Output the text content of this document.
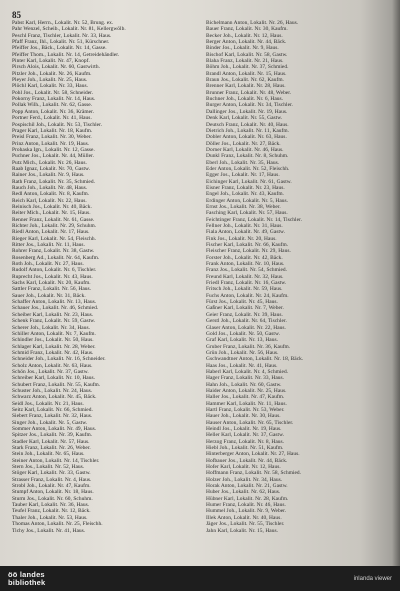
85
Pabst Karl, Herrn., Lokalit. Nr. 52, Brung. ex.
Pahr Wenzel, Scheib., Lokalit. Nr. 81, Kellergwölb.
Peschl Franz, Tischler, Lokalit. Nr. 33, Haus.
Pfaff Franz, Ihl., Lokalit. Nr. 51, Kürschner.
Pfeiffer Jos., Bäck., Lokalit. Nr. 14, Gasse.
Pfeiffer Thom., Lokalit. Nr. 14, Getreidehändler.
Pinter Karl, Lokalit. Nr. 47, Knopf.
Pirsch Alois, Lokalit. Nr. 60, Gastwirth.
Pitzler Joh., Lokalit. Nr. 26, Kaufm.
Pleyer Joh., Lokalit. Nr. 25, Haus.
Plöchl Karl, Lokalit. Nr. 33, Haus.
Pohl Jos., Lokalit. Nr. 58, Schneider.
Pokorny Franz, Lokalit. Nr. 14, Haus.
Pollak Wilh., Lokalit. Nr. 62, Gasse.
Popp Anton, Lokalit. Nr. 36, Krämer.
Portner Ferd., Lokalit. Nr. 41, Haus.
Pospischil Joh., Lokalit. Nr. 53, Tischler.
Prager Karl, Lokalit. Nr. 18, Kaufm.
Preisl Franz, Lokalit. Nr. 30, Weber.
Prinz Anton, Lokalit. Nr. 19, Haus.
Prohaska Ign., Lokalit. Nr. 12, Gasse.
Puchner Jos., Lokalit. Nr. 44, Müller.
Putz Mich., Lokalit. Nr. 26, Haus.
Raab Ignaz, Lokalit. Nr. 70, Gastw.
Rainer Jos., Lokalit. Nr. 9, Haus.
Rath Franz, Lokalit. Nr. 35, Schmied.
Rauch Joh., Lokalit. Nr. 48, Haus.
Redl Anton, Lokalit. Nr. 8, Kaufm.
Reich Karl, Lokalit. Nr. 22, Haus.
Reinisch Jos., Lokalit. Nr. 40, Bäck.
Reiter Mich., Lokalit. Nr. 15, Haus.
Renner Franz, Lokalit. Nr. 61, Gasse.
Richter Joh., Lokalit. Nr. 29, Schuhm.
Riedl Anton, Lokalit. Nr. 17, Haus.
Rieger Karl, Lokalit. Nr. 54, Fleischh.
Ritter Jos., Lokalit. Nr. 11, Haus.
Rohrer Franz, Lokalit. Nr. 38, Gastw.
Rosenberg Ad., Lokalit. Nr. 64, Kaufm.
Roth Joh., Lokalit. Nr. 27, Haus.
Rudolf Anton, Lokalit. Nr. 6, Tischler.
Ruprecht Jos., Lokalit. Nr. 43, Haus.
Sachs Karl, Lokalit. Nr. 20, Kaufm.
Sattler Franz, Lokalit. Nr. 56, Haus.
Sauer Joh., Lokalit. Nr. 31, Bäck.
Schaffer Anton, Lokalit. Nr. 13, Haus.
Schauer Jos., Lokalit. Nr. 46, Schmied.
Scheiber Karl, Lokalit. Nr. 23, Haus.
Schenk Franz, Lokalit. Nr. 59, Gastw.
Scherer Joh., Lokalit. Nr. 34, Haus.
Schiller Anton, Lokalit. Nr. 7, Kaufm.
Schindler Jos., Lokalit. Nr. 50, Haus.
Schlager Karl, Lokalit. Nr. 28, Weber.
Schmid Franz, Lokalit. Nr. 42, Haus.
Schneider Joh., Lokalit. Nr. 16, Schneider.
Scholz Anton, Lokalit. Nr. 63, Haus.
Schön Jos., Lokalit. Nr. 37, Gastw.
Schreiber Karl, Lokalit. Nr. 10, Haus.
Schubert Franz, Lokalit. Nr. 55, Kaufm.
Schuster Joh., Lokalit. Nr. 24, Haus.
Schwarz Anton, Lokalit. Nr. 45, Bäck.
Seidl Jos., Lokalit. Nr. 21, Haus.
Seitz Karl, Lokalit. Nr. 66, Schmied.
Siebert Franz, Lokalit. Nr. 32, Haus.
Singer Joh., Lokalit. Nr. 5, Gastw.
Sommer Anton, Lokalit. Nr. 49, Haus.
Spitzer Jos., Lokalit. Nr. 39, Kaufm.
Stadler Karl, Lokalit. Nr. 57, Haus.
Stark Franz, Lokalit. Nr. 26, Weber.
Stein Joh., Lokalit. Nr. 65, Haus.
Steiner Anton, Lokalit. Nr. 14, Tischler.
Stern Jos., Lokalit. Nr. 52, Haus.
Stöger Karl, Lokalit. Nr. 33, Gastw.
Strasser Franz, Lokalit. Nr. 4, Haus.
Strobl Joh., Lokalit. Nr. 47, Kaufm.
Stumpf Anton, Lokalit. Nr. 18, Haus.
Sturm Jos., Lokalit. Nr. 60, Schuhm.
Tauber Karl, Lokalit. Nr. 36, Haus.
Teufel Franz, Lokalit. Nr. 12, Bäck.
Thaler Joh., Lokalit. Nr. 53, Haus.
Thomas Anton, Lokalit. Nr. 25, Fleischh.
Tichy Jos., Lokalit. Nr. 41, Haus.
Bichelmann Anton, Lokalit. Nr. 26, Haus.
Bauer Franz, Lokalit. Nr. 30, Kaufm.
Becker Joh., Lokalit. Nr. 12, Haus.
Berger Anton, Lokalit. Nr. 44, Bäck.
Binder Jos., Lokalit. Nr. 9, Haus.
Bischof Karl, Lokalit. Nr. 58, Gastw.
Blaha Franz, Lokalit. Nr. 21, Haus.
Böhm Joh., Lokalit. Nr. 37, Schmied.
Brandl Anton, Lokalit. Nr. 15, Haus.
Braun Jos., Lokalit. Nr. 62, Kaufm.
Brenner Karl, Lokalit. Nr. 28, Haus.
Brunner Franz, Lokalit. Nr. 48, Weber.
Buchner Joh., Lokalit. Nr. 6, Haus.
Burger Anton, Lokalit. Nr. 34, Tischler.
Dallinger Jos., Lokalit. Nr. 19, Haus.
Denk Karl, Lokalit. Nr. 55, Gastw.
Deutsch Franz, Lokalit. Nr. 40, Haus.
Dietrich Joh., Lokalit. Nr. 11, Kaufm.
Dobler Anton, Lokalit. Nr. 63, Haus.
Döller Jos., Lokalit. Nr. 27, Bäck.
Dorner Karl, Lokalit. Nr. 46, Haus.
Dunkl Franz, Lokalit. Nr. 8, Schuhm.
Eberl Joh., Lokalit. Nr. 35, Haus.
Eder Anton, Lokalit. Nr. 52, Fleischh.
Egger Jos., Lokalit. Nr. 17, Haus.
Eichinger Karl, Lokalit. Nr. 61, Gastw.
Eisner Franz, Lokalit. Nr. 23, Haus.
Engel Joh., Lokalit. Nr. 43, Kaufm.
Erdinger Anton, Lokalit. Nr. 5, Haus.
Ernst Jos., Lokalit. Nr. 38, Weber.
Fasching Karl, Lokalit. Nr. 57, Haus.
Feichtinger Franz, Lokalit. Nr. 14, Tischler.
Fellner Joh., Lokalit. Nr. 31, Haus.
Fiala Anton, Lokalit. Nr. 49, Gastw.
Fink Jos., Lokalit. Nr. 20, Haus.
Fischer Karl, Lokalit. Nr. 66, Kaufm.
Fleischer Franz, Lokalit. Nr. 29, Haus.
Forster Joh., Lokalit. Nr. 42, Bäck.
Frank Anton, Lokalit. Nr. 10, Haus.
Franz Jos., Lokalit. Nr. 54, Schmied.
Freund Karl, Lokalit. Nr. 32, Haus.
Friedl Franz, Lokalit. Nr. 16, Gastw.
Fritsch Joh., Lokalit. Nr. 59, Haus.
Fuchs Anton, Lokalit. Nr. 24, Kaufm.
Fürst Jos., Lokalit. Nr. 45, Haus.
Gaßner Karl, Lokalit. Nr. 7, Weber.
Geier Franz, Lokalit. Nr. 39, Haus.
Gerstl Joh., Lokalit. Nr. 64, Tischler.
Glaser Anton, Lokalit. Nr. 22, Haus.
Gold Jos., Lokalit. Nr. 50, Gastw.
Graf Karl, Lokalit. Nr. 13, Haus.
Gruber Franz, Lokalit. Nr. 36, Kaufm.
Grün Joh., Lokalit. Nr. 56, Haus.
Gschwandtner Anton, Lokalit. Nr. 18, Bäck.
Haas Jos., Lokalit. Nr. 41, Haus.
Haberl Karl, Lokalit. Nr. 4, Schmied.
Hager Franz, Lokalit. Nr. 33, Haus.
Hahn Joh., Lokalit. Nr. 60, Gastw.
Haider Anton, Lokalit. Nr. 25, Haus.
Haller Jos., Lokalit. Nr. 47, Kaufm.
Hammer Karl, Lokalit. Nr. 11, Haus.
Hartl Franz, Lokalit. Nr. 53, Weber.
Hauer Joh., Lokalit. Nr. 30, Haus.
Hauser Anton, Lokalit. Nr. 65, Tischler.
Heindl Jos., Lokalit. Nr. 19, Haus.
Heller Karl, Lokalit. Nr. 37, Gastw.
Herzog Franz, Lokalit. Nr. 8, Haus.
Hiebl Joh., Lokalit. Nr. 51, Kaufm.
Hinterberger Anton, Lokalit. Nr. 27, Haus.
Hofbauer Jos., Lokalit. Nr. 44, Bäck.
Hofer Karl, Lokalit. Nr. 12, Haus.
Hoffmann Franz, Lokalit. Nr. 58, Schmied.
Holzer Joh., Lokalit. Nr. 34, Haus.
Horak Anton, Lokalit. Nr. 21, Gastw.
Huber Jos., Lokalit. Nr. 62, Haus.
Hübner Karl, Lokalit. Nr. 28, Kaufm.
Humer Franz, Lokalit. Nr. 46, Haus.
Hummel Joh., Lokalit. Nr. 9, Weber.
Illek Anton, Lokalit. Nr. 40, Haus.
Jäger Jos., Lokalit. Nr. 55, Tischler.
Jahn Karl, Lokalit. Nr. 15, Haus.
öö landes
bibliothek	inlanda viewer
